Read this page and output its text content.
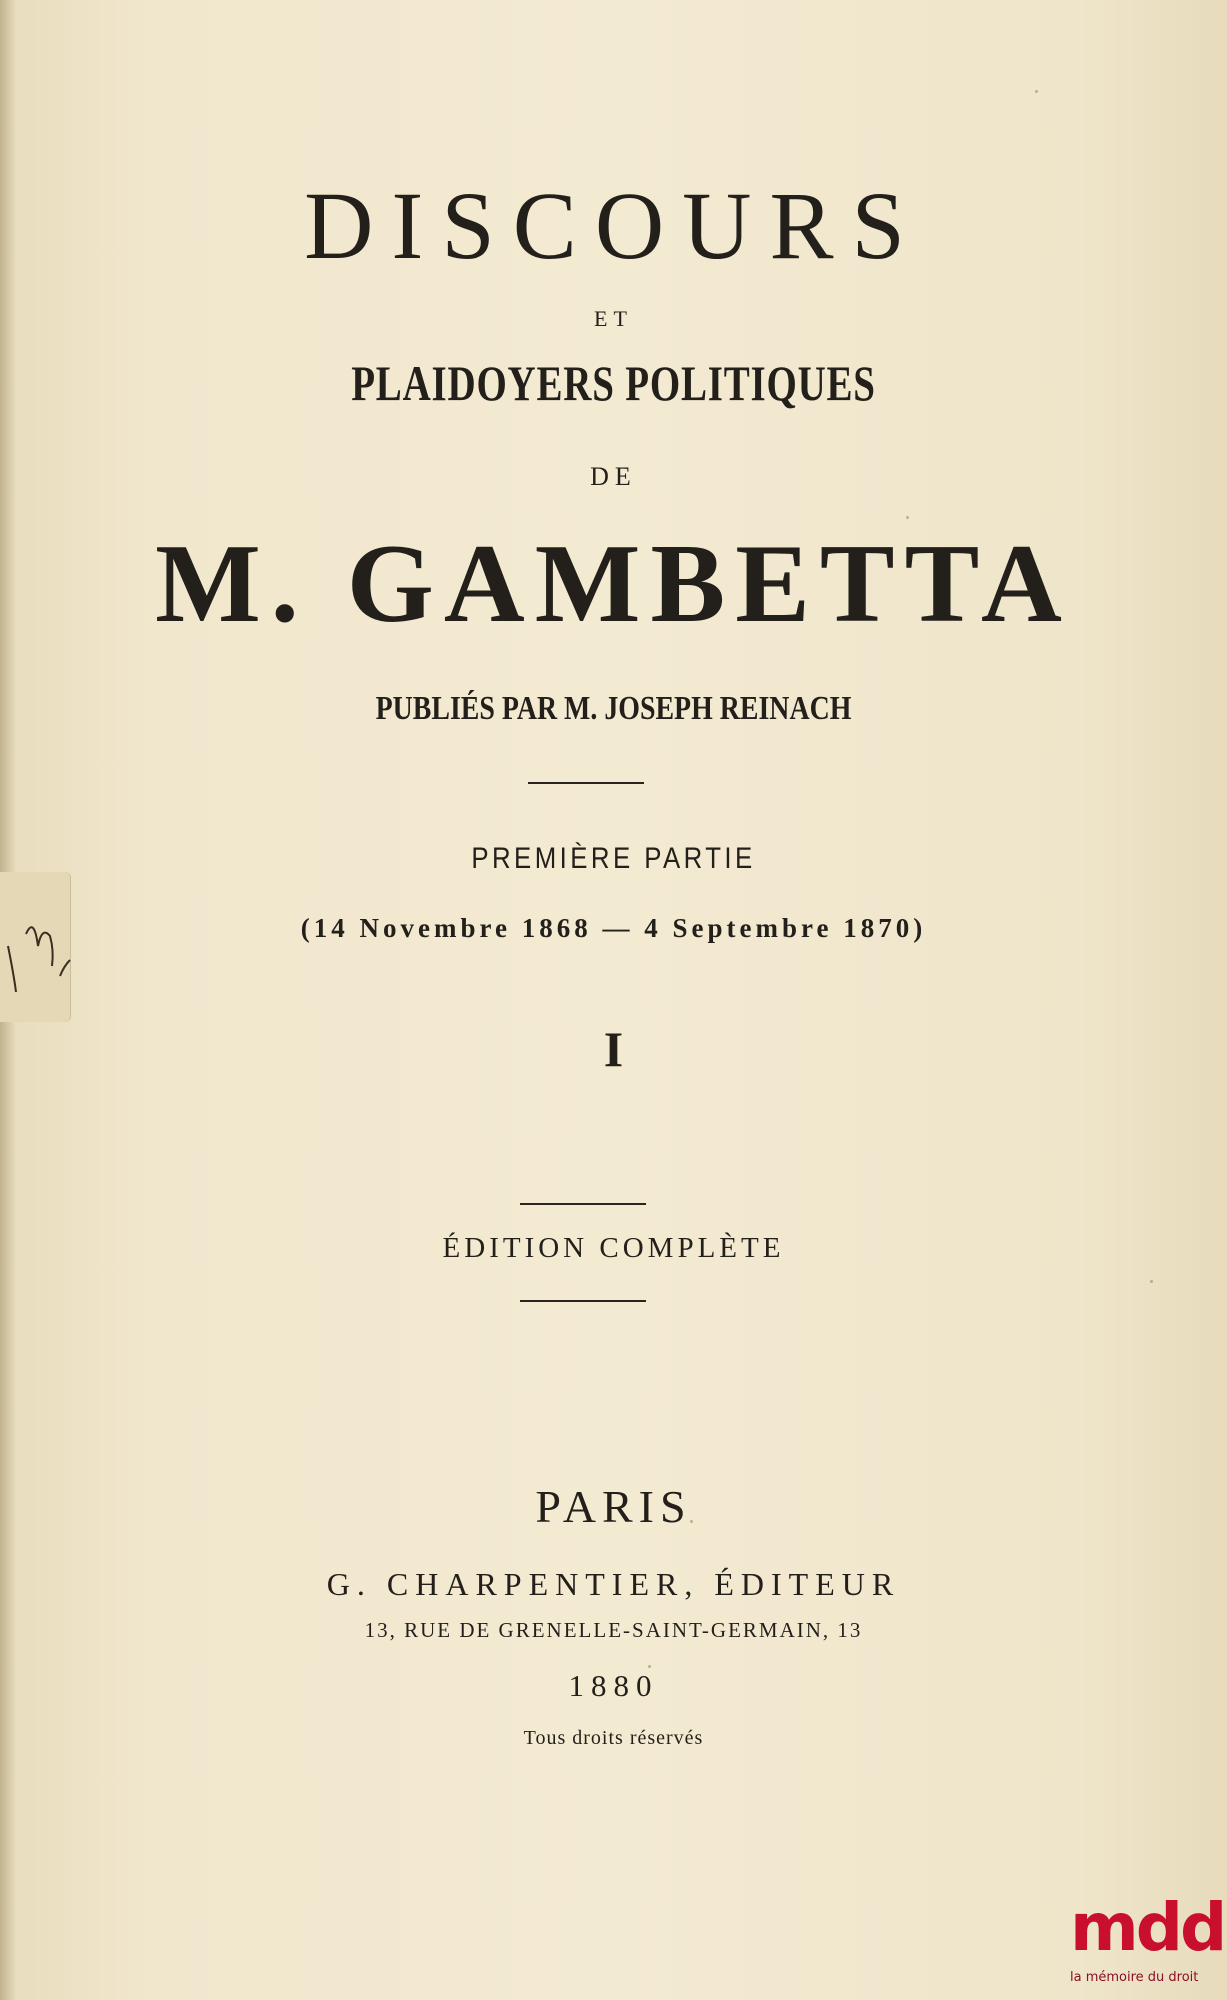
DISCOURS
ET
PLAIDOYERS POLITIQUES
DE
M. GAMBETTA
PUBLIÉS PAR M. JOSEPH REINACH
PREMIÈRE PARTIE
(14 Novembre 1868 — 4 Septembre 1870)
I
ÉDITION COMPLÈTE
PARIS
G. CHARPENTIER, ÉDITEUR
13, RUE DE GRENELLE-SAINT-GERMAIN, 13
1880
Tous droits réservés
mdd
la mémoire du droit
